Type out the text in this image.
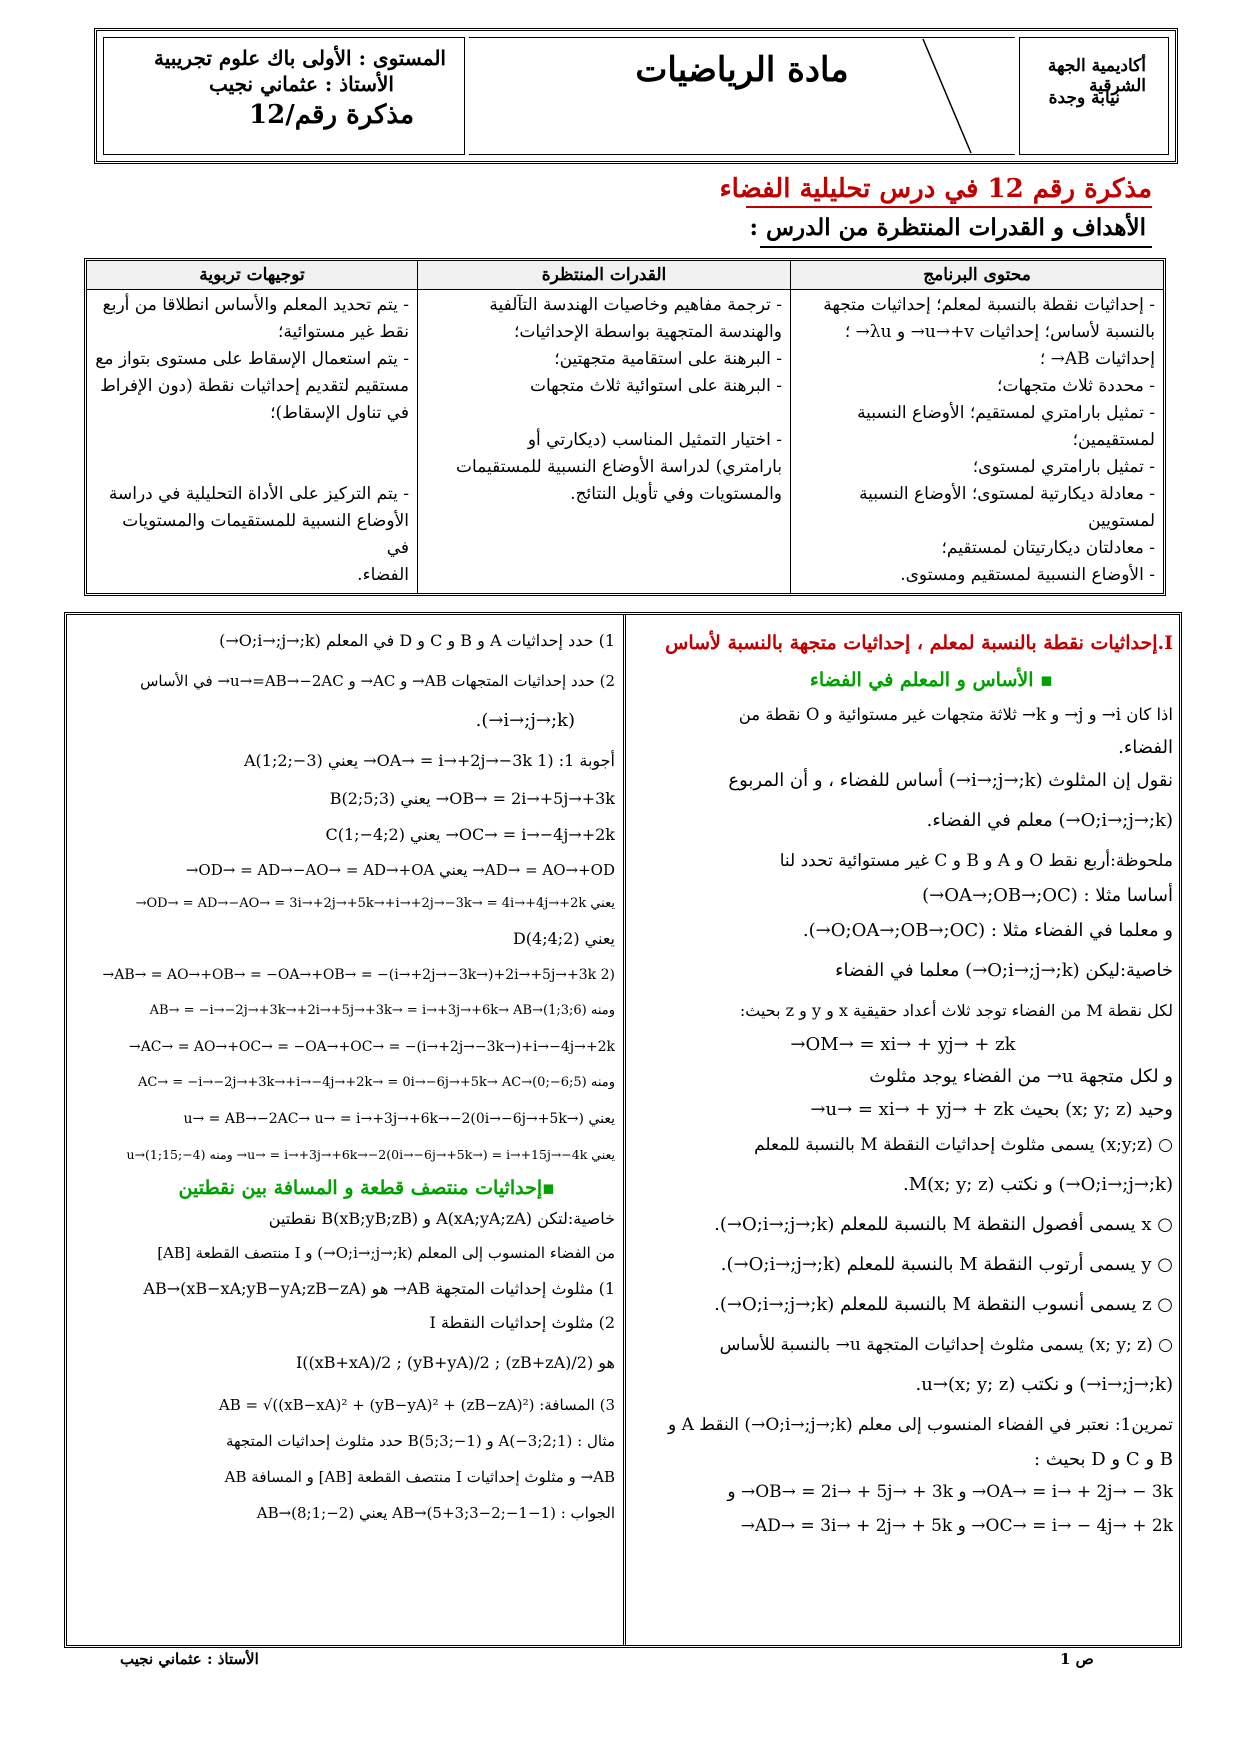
المستوى : الأولى باك علوم تجريبية
الأستاذ : عثماني نجيب
مذكرة رقم/12
مادة الرياضيات	أكاديمية الجهة الشرقية
نيابة وجدة
مذكرة رقم 12 في درس تحليلية الفضاء
الأهداف و القدرات المنتظرة من الدرس :
محتوى البرنامج
- إحداثيات نقطة بالنسبة لمعلم؛ إحداثيات متجهة
بالنسبة لأساس؛ إحداثيات u→+v→ و λu→ ؛
إحداثيات AB→ ؛
- محددة ثلاث متجهات؛
- تمثيل بارامتري لمستقيم؛ الأوضاع النسبية
لمستقيمين؛
- تمثيل بارامتري لمستوى؛
- معادلة ديكارتية لمستوى؛ الأوضاع النسبية
لمستويين
- معادلتان ديكارتيتان لمستقيم؛
- الأوضاع النسبية لمستقيم ومستوى.
القدرات المنتظرة
- ترجمة مفاهيم وخاصيات الهندسة التآلفية
والهندسة المتجهية بواسطة الإحداثيات؛
- البرهنة على استقامية متجهتين؛
- البرهنة على استوائية ثلاث متجهات
- اختيار التمثيل المناسب (ديكارتي أو
بارامتري) لدراسة الأوضاع النسبية للمستقيمات
والمستويات وفي تأويل النتائج.
توجيهات تربوية
- يتم تحديد المعلم والأساس انطلاقا من أربع
نقط غير مستوائية؛
- يتم استعمال الإسقاط على مستوى بتواز مع
مستقيم لتقديم إحداثيات نقطة (دون الإفراط
في تناول الإسقاط)؛
- يتم التركيز على الأداة التحليلية في دراسة
الأوضاع النسبية للمستقيمات والمستويات في
الفضاء.
I.إحداثيات نقطة بالنسبة لمعلم ، إحداثيات متجهة بالنسبة لأساس
▪ الأساس و المعلم في الفضاء
اذا كان i→ و j→ و k→ ثلاثة متجهات غير مستوائية و O نقطة من
الفضاء.
نقول إن المثلوث (i→;j→;k→) أساس للفضاء ، و أن المربوع
(O;i→;j→;k→) معلم في الفضاء.
ملحوظة:أربع نقط O و A و B و C غير مستوائية تحدد لنا
أساسا مثلا : (OA→;OB→;OC→)
و معلما في الفضاء مثلا : (O;OA→;OB→;OC→).
خاصية:ليكن (O;i→;j→;k→) معلما في الفضاء
لكل نقطة M من الفضاء توجد ثلاث أعداد حقيقية x و y و z بحيث:
OM→ = xi→ + yj→ + zk→
و لكل متجهة u→ من الفضاء يوجد مثلوث
وحيد (x; y; z) بحيث u→ = xi→ + yj→ + zk→
○ (x;y;z) يسمى مثلوث إحداثيات النقطة M بالنسبة للمعلم
(O;i→;j→;k→) و نكتب M(x; y; z).
○ x يسمى أفصول النقطة M بالنسبة للمعلم (O;i→;j→;k→).
○ y يسمى أرتوب النقطة M بالنسبة للمعلم (O;i→;j→;k→).
○ z يسمى أنسوب النقطة M بالنسبة للمعلم (O;i→;j→;k→).
○ (x; y; z) يسمى مثلوث إحداثيات المتجهة u→ بالنسبة للأساس
(i→;j→;k→) و نكتب u→(x; y; z).
تمرين1: نعتبر في الفضاء المنسوب إلى معلم (O;i→;j→;k→) النقط A و
B و C و D بحيث :
OA→ = i→ + 2j→ − 3k→ و OB→ = 2i→ + 5j→ + 3k→ و
OC→ = i→ − 4j→ + 2k→ و AD→ = 3i→ + 2j→ + 5k→
1) حدد إحداثيات A و B و C و D في المعلم (O;i→;j→;k→)
2) حدد إحداثيات المتجهات AB→ و AC→ و u→=AB→−2AC→ في الأساس
(i→;j→;k→).
أجوبة 1: (1 OA→ = i→+2j→−3k→ يعني A(1;2;−3)
OB→ = 2i→+5j→+3k→ يعني B(2;5;3)
OC→ = i→−4j→+2k→ يعني C(1;−4;2)
AD→ = AO→+OD→ يعني OD→ = AD→−AO→ = AD→+OA→
يعني OD→ = AD→−AO→ = 3i→+2j→+5k→+i→+2j→−3k→ = 4i→+4j→+2k→
يعني D(4;4;2)
(2 AB→ = AO→+OB→ = −OA→+OB→ = −(i→+2j→−3k→)+2i→+5j→+3k→
ومنه AB→ = −i→−2j→+3k→+2i→+5j→+3k→ = i→+3j→+6k→ AB→(1;3;6)
AC→ = AO→+OC→ = −OA→+OC→ = −(i→+2j→−3k→)+i→−4j→+2k→
ومنه AC→ = −i→−2j→+3k→+i→−4j→+2k→ = 0i→−6j→+5k→ AC→(0;−6;5)
يعني u→ = AB→−2AC→ u→ = i→+3j→+6k→−2(0i→−6j→+5k→)
يعني u→ = i→+3j→+6k→−2(0i→−6j→+5k→) = i→+15j→−4k→ ومنه u→(1;15;−4)
▪إحداثيات منتصف قطعة و المسافة بين نقطتين
خاصية:لتكن A(xA;yA;zA) و B(xB;yB;zB) نقطتين
من الفضاء المنسوب إلى المعلم (O;i→;j→;k→) و I منتصف القطعة [AB]
1) مثلوث إحداثيات المتجهة AB→ هو AB→(xB−xA;yB−yA;zB−zA)
2) مثلوث إحداثيات النقطة I
هو I((xB+xA)/2 ; (yB+yA)/2 ; (zB+zA)/2)
3) المسافة: AB = √((xB−xA)² + (yB−yA)² + (zB−zA)²)
مثال : A(−3;2;1) و B(5;3;−1) حدد مثلوث إحداثيات المتجهة
AB→ و مثلوث إحداثيات I منتصف القطعة [AB] و المسافة AB
الجواب : AB→(5+3;3−2;−1−1) يعني AB→(8;1;−2)
ص 1
الأستاذ : عثماني نجيب
